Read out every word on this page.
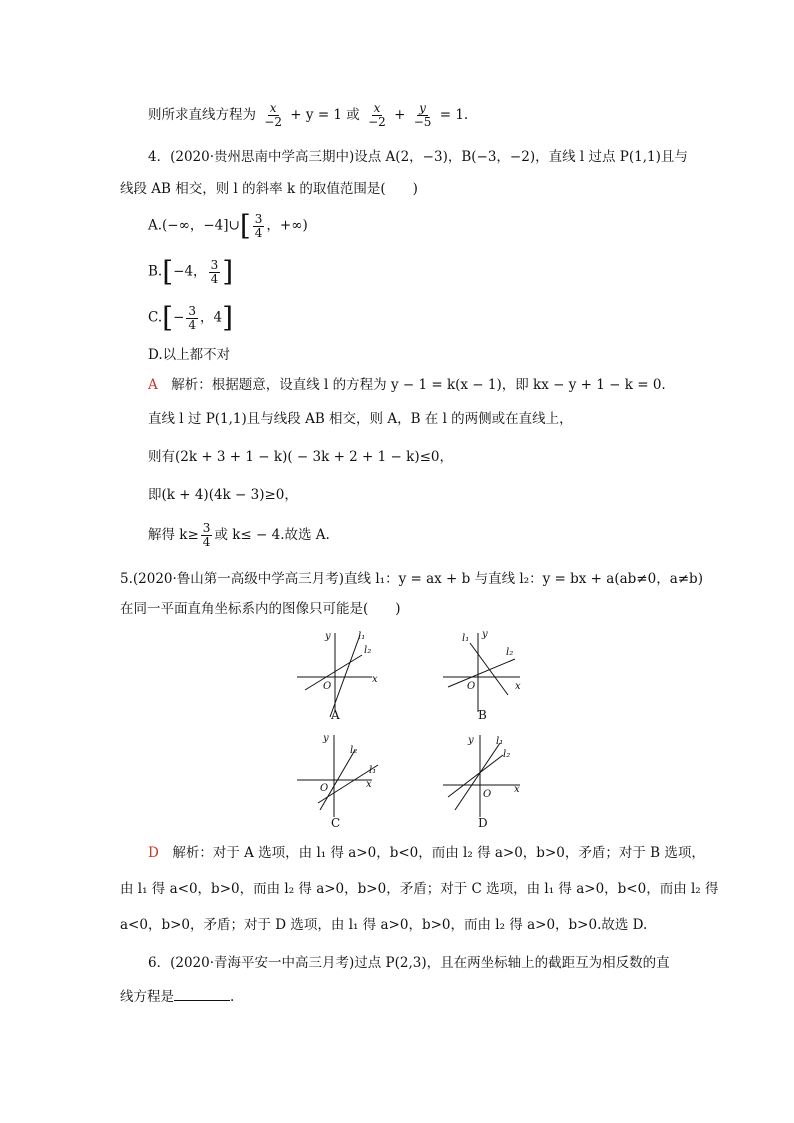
则所求直线方程为 $\frac{x}{-2} + y = 1$ 或 $\frac{x}{-2} + \frac{y}{-5} = 1$.
4．(2020·贵州思南中学高三期中)设点 A(2，−3)，B(−3，−2)，直线 l 过点 P(1,1)且与
线段 AB 相交，则 l 的斜率 k 的取值范围是(　　)
A.(−∞，−4]∪[ $\frac{3}{4}$ ，+∞)
B.[−4， $\frac{3}{4}$ ]
$C.[- \frac{3}{4}$ ，4]
D.以上都不对
A　 解析：根据题意，设直线 l 的方程为 y − 1 = k(x − 1)，即 kx − y + 1 − k = 0.
直线 l 过 P(1,1)且与线段 AB 相交，则 A，B 在 l 的两侧或在直线上，
则有(2k + 3 + 1 − k)( − 3k + 2 + 1 − k)≤0，
即(k + 4)(4k − 3)≥0，
解得 $k\ge \frac{3}{4}$ 或 k≤ − 4.故选 A.
5.(2020·鲁山第一高级中学高三月考)直线 l₁：y = ax + b 与直线 l₂：y = bx + a(ab≠0，a≠b)
在同一平面直角坐标系内的图像只可能是(　　)
y
x
O
l₁
l₂
y
x
O
l₁
l₂
y
x
O
l₁
l₂
y
x
O
l₁
l₂
A	B
C	D
D　 解析：对于 A 选项，由 l₁ 得 a>0，b<0，而由 l₂ 得 a>0，b>0，矛盾；对于 B 选项，
由 l₁ 得 a<0，b>0，而由 l₂ 得 a>0，b>0，矛盾；对于 C 选项，由 l₁ 得 a>0，b<0，而由 l₂ 得
a<0，b>0，矛盾；对于 D 选项，由 l₁ 得 a>0，b>0，而由 l₂ 得 a>0，b>0.故选 D.
6．(2020·青海平安一中高三月考)过点 P(2,3)，且在两坐标轴上的截距互为相反数的直
线方程是	.
